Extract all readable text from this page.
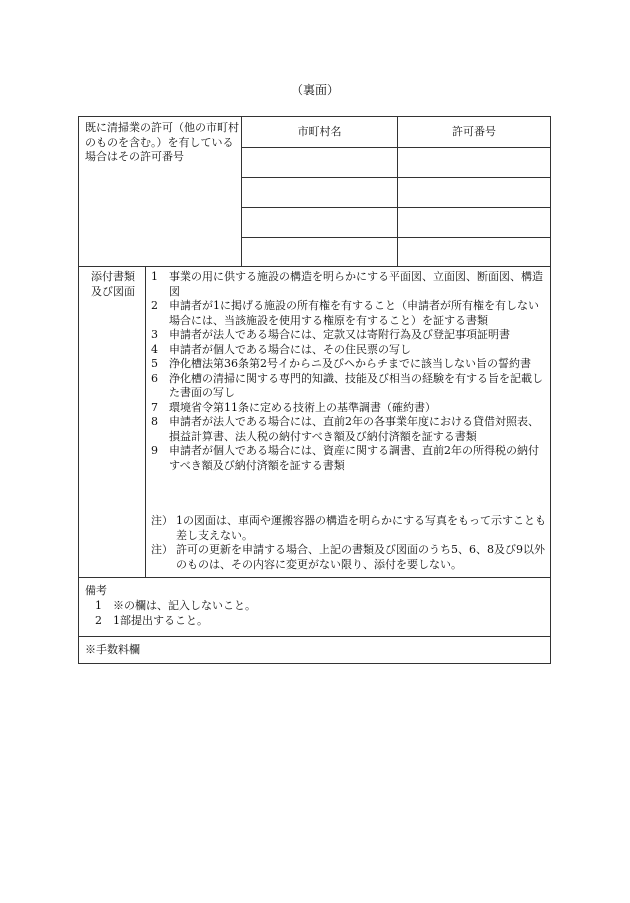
（裏面）
既に清掃業の許可（他の市町村のものを含む。）を有している場合はその許可番号
市町村名	許可番号
添付書類及び図面
1 事業の用に供する施設の構造を明らかにする平面図、立面図、断面図、構造図
2 申請者が1に掲げる施設の所有権を有すること（申請者が所有権を有しない場合には、当該施設を使用する権原を有すること）を証する書類
3 申請者が法人である場合には、定款又は寄附行為及び登記事項証明書
4 申請者が個人である場合には、その住民票の写し
5 浄化槽法第36条第2号イからニ及びヘからチまでに該当しない旨の誓約書
6 浄化槽の清掃に関する専門的知識、技能及び相当の経験を有する旨を記載した書面の写し
7 環境省令第11条に定める技術上の基準調書（確約書）
8 申請者が法人である場合には、直前2年の各事業年度における貸借対照表、損益計算書、法人税の納付すべき額及び納付済額を証する書類
9 申請者が個人である場合には、資産に関する調書、直前2年の所得税の納付すべき額及び納付済額を証する書類
注） 1の図面は、車両や運搬容器の構造を明らかにする写真をもって示すことも差し支えない。
注） 許可の更新を申請する場合、上記の書類及び図面のうち5、6、8及び9以外のものは、その内容に変更がない限り、添付を要しない。
備考
1 ※の欄は、記入しないこと。
2 1部提出すること。
※手数料欄
